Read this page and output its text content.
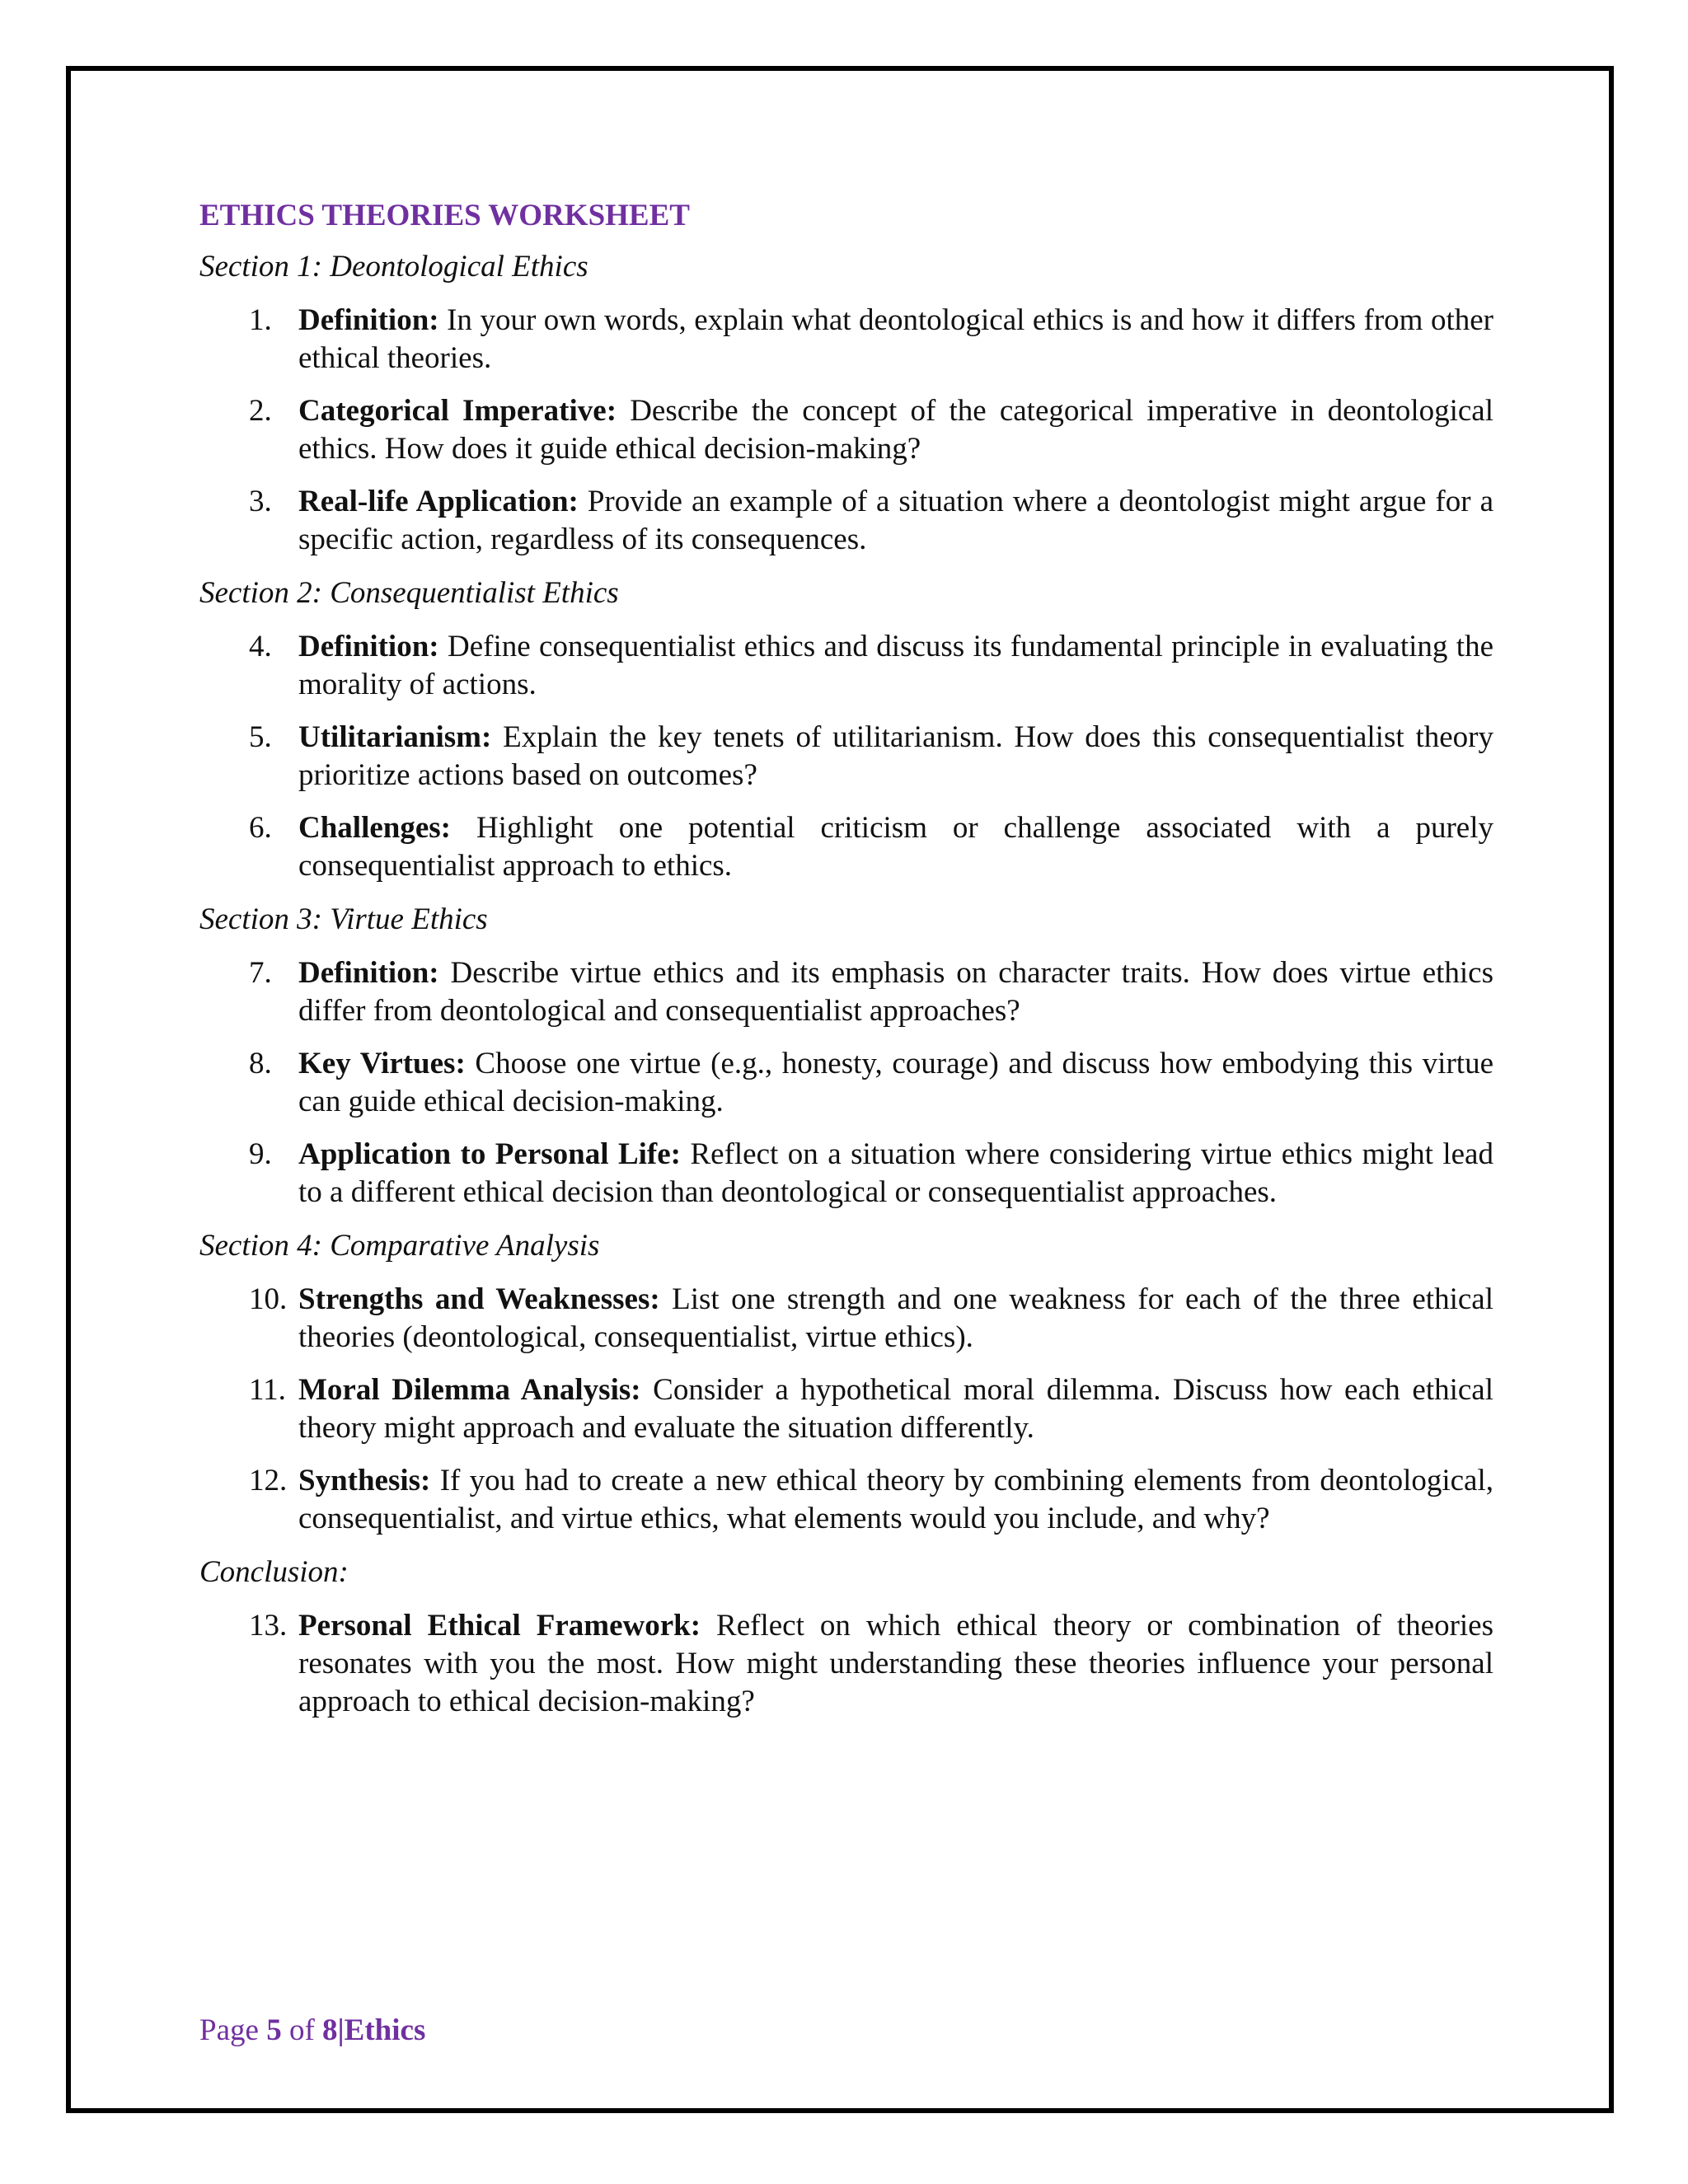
ETHICS THEORIES WORKSHEET
Section 1: Deontological Ethics
1. Definition: In your own words, explain what deontological ethics is and how it differs from other ethical theories.
2. Categorical Imperative: Describe the concept of the categorical imperative in deontological ethics. How does it guide ethical decision-making?
3. Real-life Application: Provide an example of a situation where a deontologist might argue for a specific action, regardless of its consequences.
Section 2: Consequentialist Ethics
4. Definition: Define consequentialist ethics and discuss its fundamental principle in evaluating the morality of actions.
5. Utilitarianism: Explain the key tenets of utilitarianism. How does this consequentialist theory prioritize actions based on outcomes?
6. Challenges: Highlight one potential criticism or challenge associated with a purely consequentialist approach to ethics.
Section 3: Virtue Ethics
7. Definition: Describe virtue ethics and its emphasis on character traits. How does virtue ethics differ from deontological and consequentialist approaches?
8. Key Virtues: Choose one virtue (e.g., honesty, courage) and discuss how embodying this virtue can guide ethical decision-making.
9. Application to Personal Life: Reflect on a situation where considering virtue ethics might lead to a different ethical decision than deontological or consequentialist approaches.
Section 4: Comparative Analysis
10. Strengths and Weaknesses: List one strength and one weakness for each of the three ethical theories (deontological, consequentialist, virtue ethics).
11. Moral Dilemma Analysis: Consider a hypothetical moral dilemma. Discuss how each ethical theory might approach and evaluate the situation differently.
12. Synthesis: If you had to create a new ethical theory by combining elements from deontological, consequentialist, and virtue ethics, what elements would you include, and why?
Conclusion:
13. Personal Ethical Framework: Reflect on which ethical theory or combination of theories resonates with you the most. How might understanding these theories influence your personal approach to ethical decision-making?
Page 5 of 8|Ethics
